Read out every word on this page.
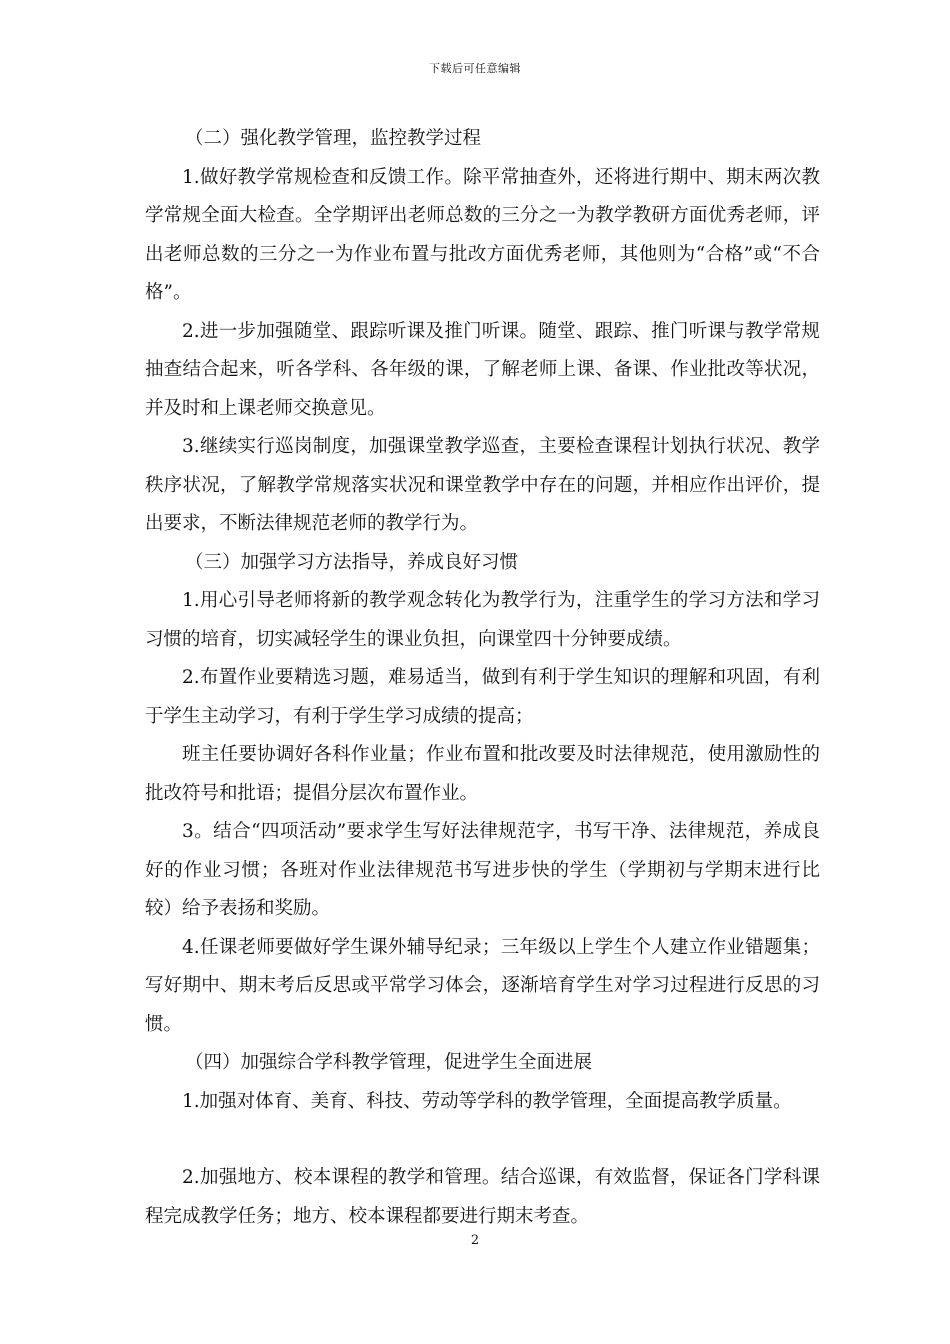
下载后可任意编辑

（二）强化教学管理，监控教学过程

1.做好教学常规检查和反馈工作。除平常抽查外，还将进行期中、期末两次教学常规全面大检查。全学期评出老师总数的三分之一为教学教研方面优秀老师，评出老师总数的三分之一为作业布置与批改方面优秀老师，其他则为“合格”或“不合格”。

2.进一步加强随堂、跟踪听课及推门听课。随堂、跟踪、推门听课与教学常规抽查结合起来，听各学科、各年级的课，了解老师上课、备课、作业批改等状况，并及时和上课老师交换意见。

3.继续实行巡岗制度，加强课堂教学巡查，主要检查课程计划执行状况、教学秩序状况，了解教学常规落实状况和课堂教学中存在的问题，并相应作出评价，提出要求，不断法律规范老师的教学行为。

（三）加强学习方法指导，养成良好习惯

1.用心引导老师将新的教学观念转化为教学行为，注重学生的学习方法和学习习惯的培育，切实减轻学生的课业负担，向课堂四十分钟要成绩。

2.布置作业要精选习题，难易适当，做到有利于学生知识的理解和巩固，有利于学生主动学习，有利于学生学习成绩的提高；

班主任要协调好各科作业量；作业布置和批改要及时法律规范，使用激励性的批改符号和批语；提倡分层次布置作业。

3。结合“四项活动”要求学生写好法律规范字，书写干净、法律规范，养成良好的作业习惯；各班对作业法律规范书写进步快的学生（学期初与学期末进行比较）给予表扬和奖励。

4.任课老师要做好学生课外辅导纪录；三年级以上学生个人建立作业错题集；写好期中、期末考后反思或平常学习体会，逐渐培育学生对学习过程进行反思的习惯。

（四）加强综合学科教学管理，促进学生全面进展

1.加强对体育、美育、科技、劳动等学科的教学管理，全面提高教学质量。

2.加强地方、校本课程的教学和管理。结合巡课，有效监督，保证各门学科课程完成教学任务；地方、校本课程都要进行期末考查。

2
